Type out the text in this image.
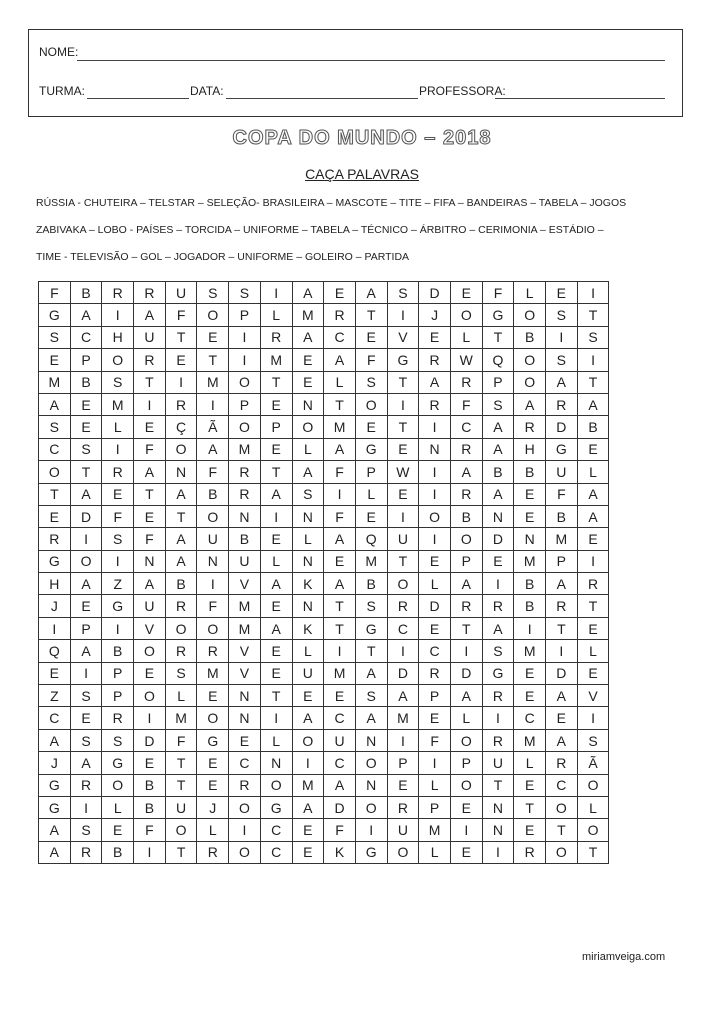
NOME:
TURMA:	DATA:	PROFESSORA:
COPA DO MUNDO – 2018
CAÇA PALAVRAS
RÚSSIA - CHUTEIRA – TELSTAR – SELEÇÃO- BRASILEIRA – MASCOTE – TITE – FIFA – BANDEIRAS – TABELA – JOGOS
ZABIVAKA – LOBO - PAÍSES – TORCIDA – UNIFORME – TABELA – TÉCNICO – ÁRBITRO – CERIMONIA – ESTÁDIO –
TIME - TELEVISÃO – GOL – JOGADOR – UNIFORME – GOLEIRO – PARTIDA
F	B	R	R	U	S	S	I	A	E	A	S	D	E	F	L	E	I
G	A	I	A	F	O	P	L	M	R	T	I	J	O	G	O	S	T
S	C	H	U	T	E	I	R	A	C	E	V	E	L	T	B	I	S
E	P	O	R	E	T	I	M	E	A	F	G	R	W	Q	O	S	I
M	B	S	T	I	M	O	T	E	L	S	T	A	R	P	O	A	T
A	E	M	I	R	I	P	E	N	T	O	I	R	F	S	A	R	A
S	E	L	E	Ç	Ã	O	P	O	M	E	T	I	C	A	R	D	B
C	S	I	F	O	A	M	E	L	A	G	E	N	R	A	H	G	E
O	T	R	A	N	F	R	T	A	F	P	W	I	A	B	B	U	L
T	A	E	T	A	B	R	A	S	I	L	E	I	R	A	E	F	A
E	D	F	E	T	O	N	I	N	F	E	I	O	B	N	E	B	A
R	I	S	F	A	U	B	E	L	A	Q	U	I	O	D	N	M	E
G	O	I	N	A	N	U	L	N	E	M	T	E	P	E	M	P	I
H	A	Z	A	B	I	V	A	K	A	B	O	L	A	I	B	A	R
J	E	G	U	R	F	M	E	N	T	S	R	D	R	R	B	R	T
I	P	I	V	O	O	M	A	K	T	G	C	E	T	A	I	T	E
Q	A	B	O	R	R	V	E	L	I	T	I	C	I	S	M	I	L
E	I	P	E	S	M	V	E	U	M	A	D	R	D	G	E	D	E
Z	S	P	O	L	E	N	T	E	E	S	A	P	A	R	E	A	V
C	E	R	I	M	O	N	I	A	C	A	M	E	L	I	C	E	I
A	S	S	D	F	G	E	L	O	U	N	I	F	O	R	M	A	S
J	A	G	E	T	E	C	N	I	C	O	P	I	P	U	L	R	Ã
G	R	O	B	T	E	R	O	M	A	N	E	L	O	T	E	C	O
G	I	L	B	U	J	O	G	A	D	O	R	P	E	N	T	O	L
A	S	E	F	O	L	I	C	E	F	I	U	M	I	N	E	T	O
A	R	B	I	T	R	O	C	E	K	G	O	L	E	I	R	O	T
miriamveiga.com
